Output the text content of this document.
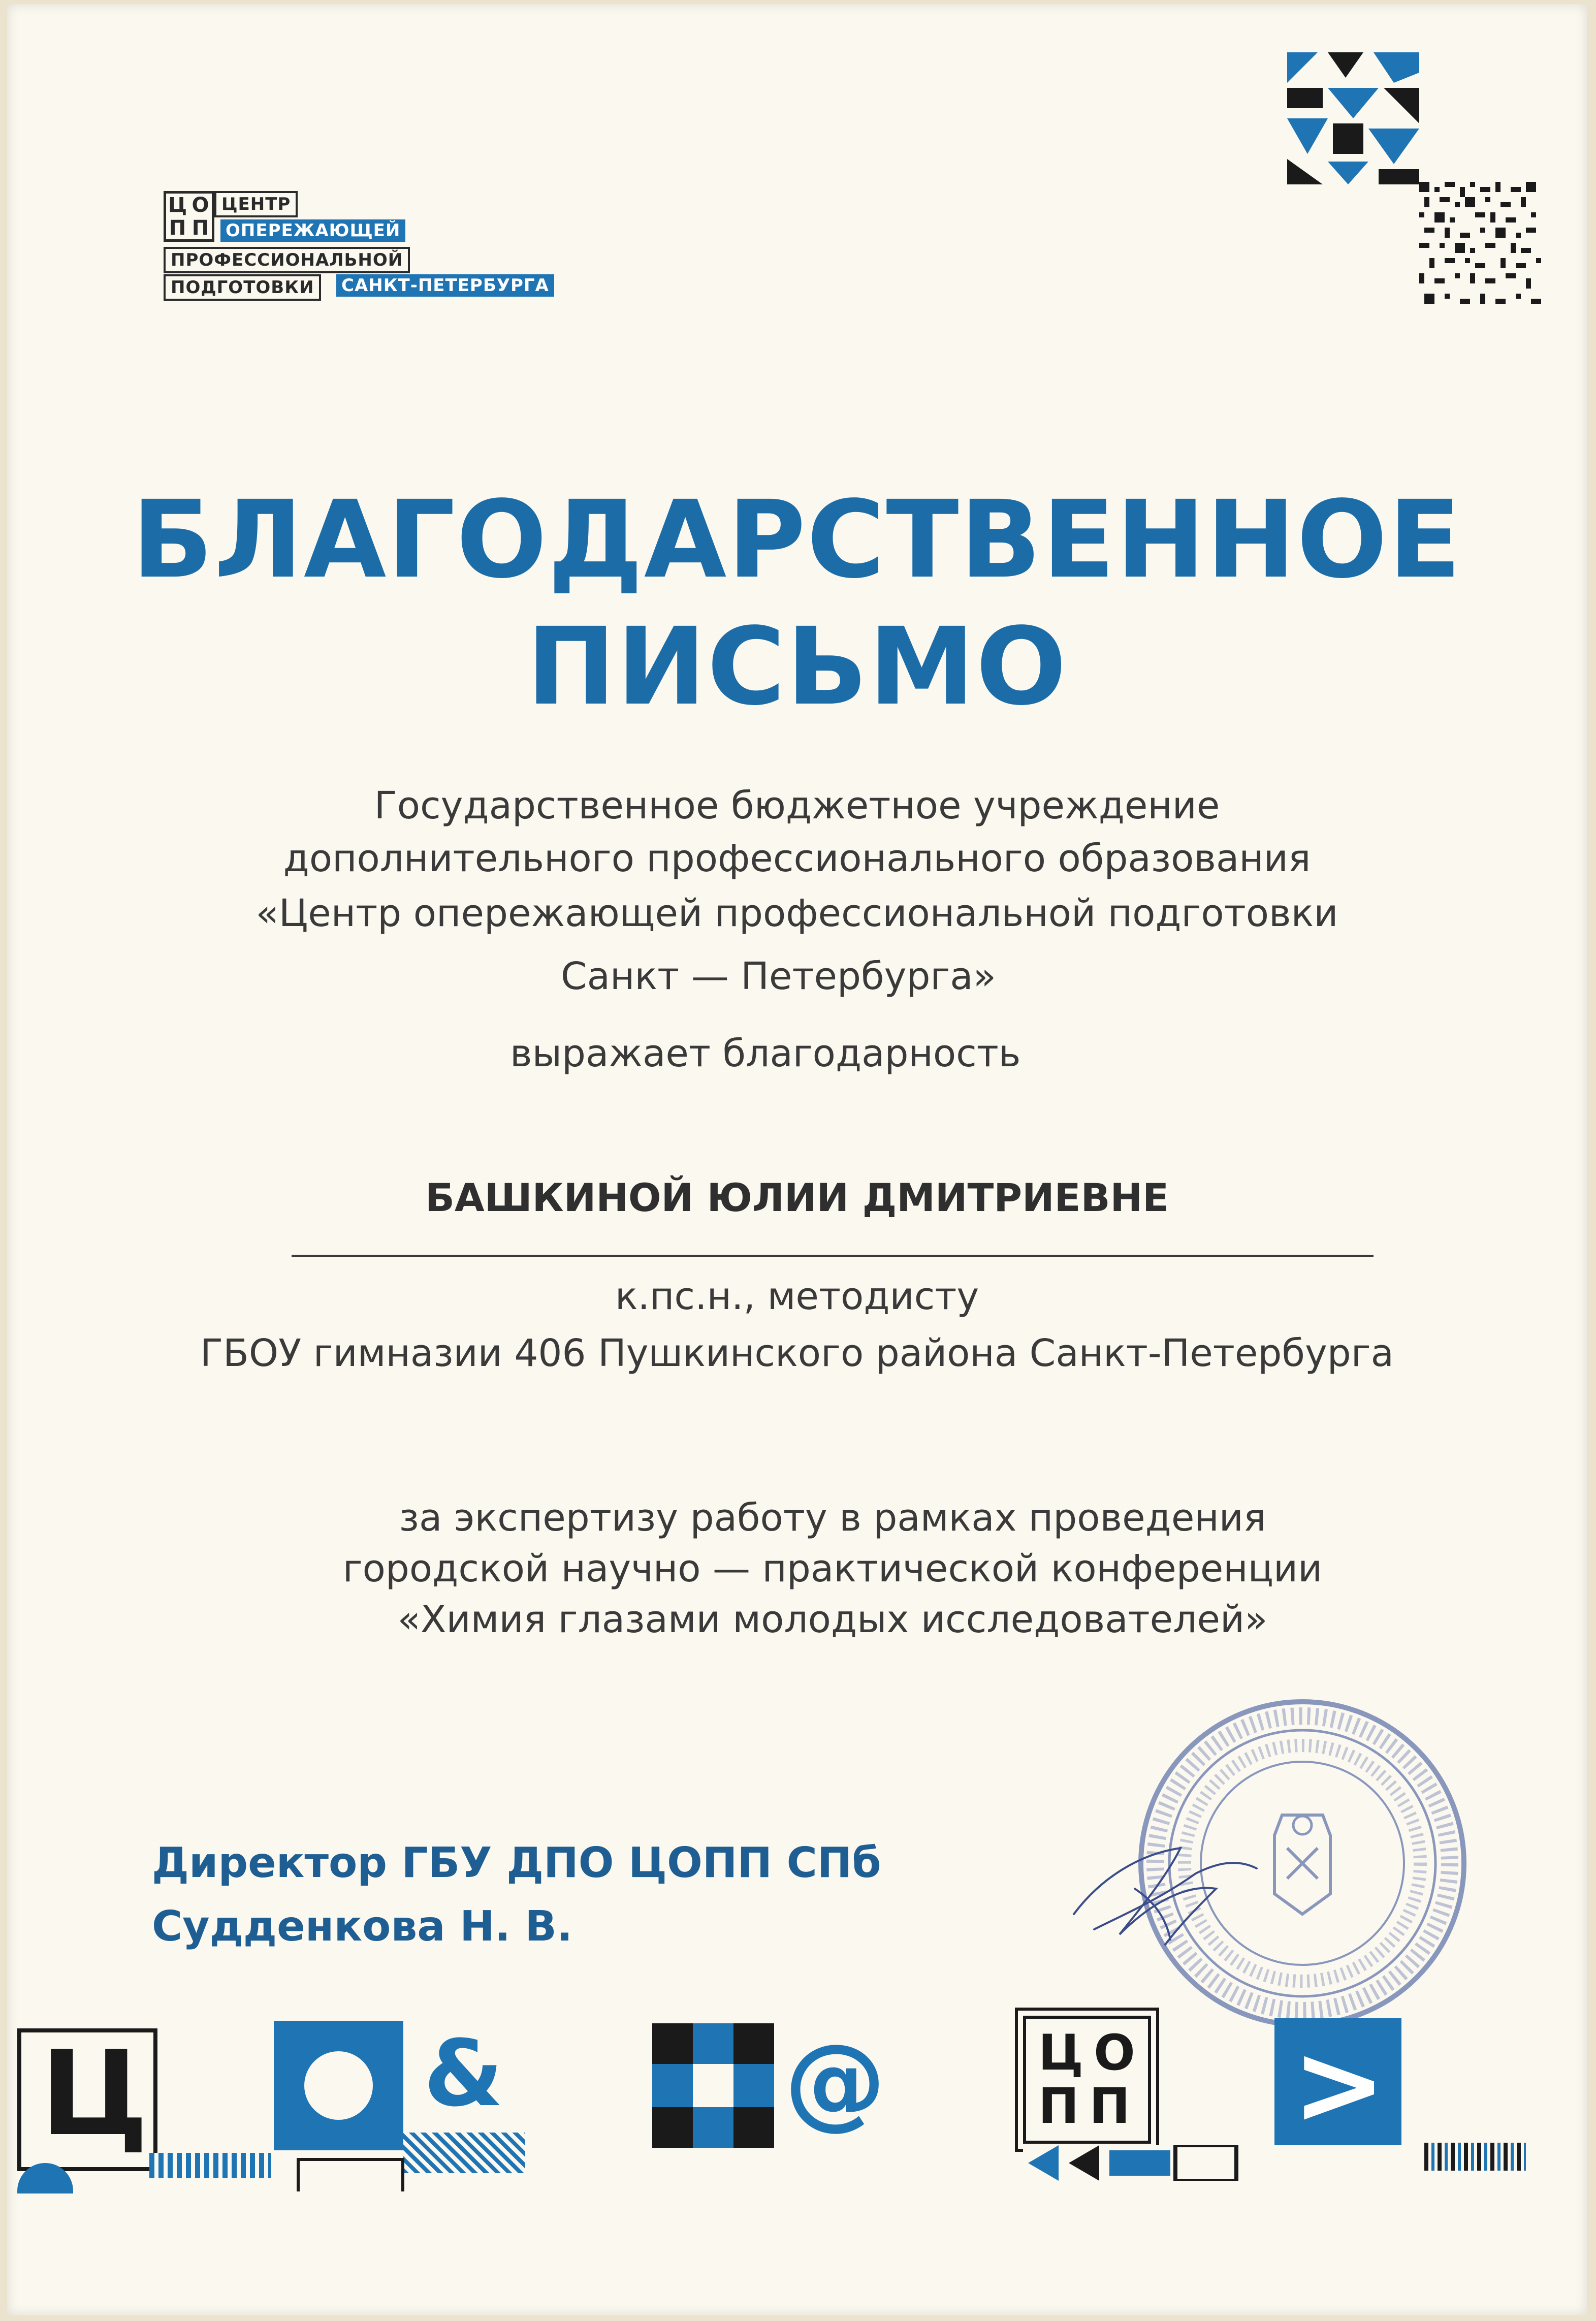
Ц О
П П
ЦЕНТР
ОПЕРЕЖАЮЩЕЙ
ПРОФЕССИОНАЛЬНОЙ
ПОДГОТОВКИ	САНКТ-ПЕТЕРБУРГА
БЛАГОДАРСТВЕННОЕ
ПИСЬМО
Государственное бюджетное учреждение
дополнительного профессионального образования
«Центр опережающей профессиональной подготовки
Санкт — Петербурга»
выражает благодарность
БАШКИНОЙ ЮЛИИ ДМИТРИЕВНЕ
к.пс.н., методисту
ГБОУ гимназии 406 Пушкинского района Санкт-Петербурга
за экспертизу работу в рамках проведения
городской научно — практической конференции
«Химия глазами молодых исследователей»
Директор ГБУ ДПО ЦОПП СПб
Судденкова Н. В.
Ц	&	@	ЦО
ПП >
